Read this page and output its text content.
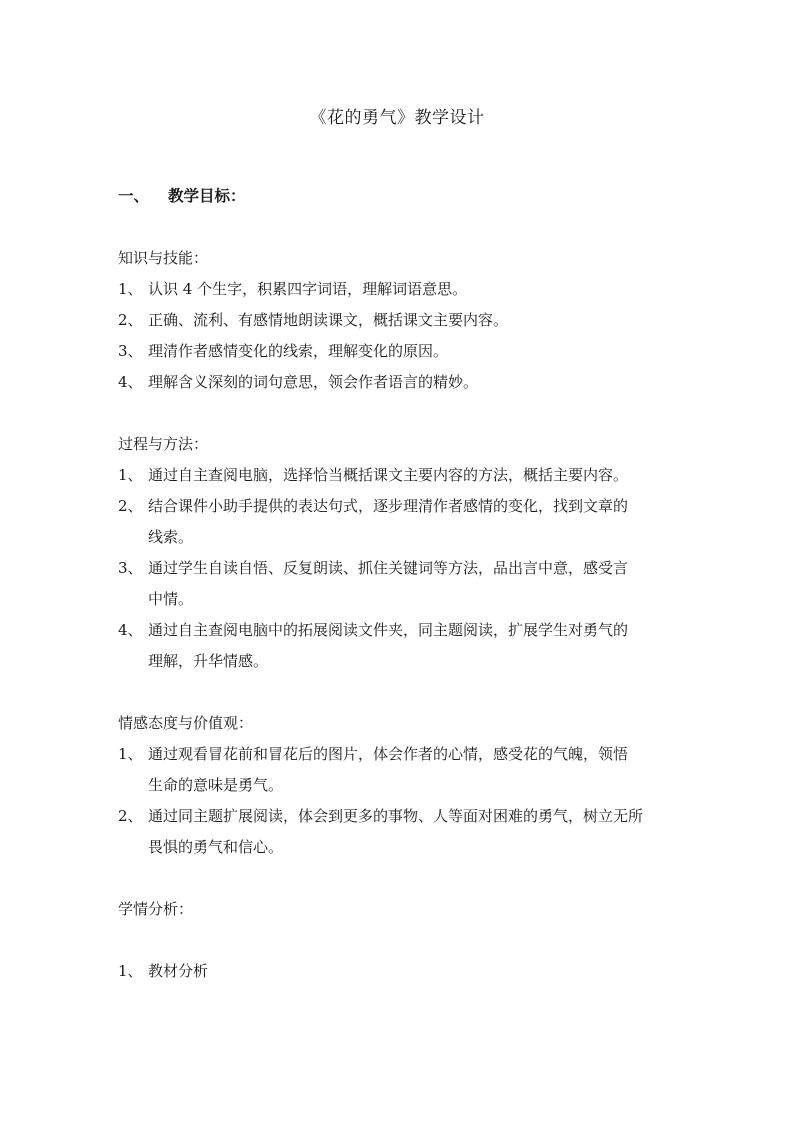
《花的勇气》教学设计
一、 教学目标：
知识与技能：
1、 认识 4 个生字，积累四字词语，理解词语意思。
2、 正确、流利、有感情地朗读课文，概括课文主要内容。
3、 理清作者感情变化的线索，理解变化的原因。
4、 理解含义深刻的词句意思，领会作者语言的精妙。
过程与方法：
1、 通过自主查阅电脑，选择恰当概括课文主要内容的方法，概括主要内容。
2、 结合课件小助手提供的表达句式，逐步理清作者感情的变化，找到文章的
线索。
3、 通过学生自读自悟、反复朗读、抓住关键词等方法，品出言中意，感受言
中情。
4、 通过自主查阅电脑中的拓展阅读文件夹，同主题阅读，扩展学生对勇气的
理解，升华情感。
情感态度与价值观：
1、 通过观看冒花前和冒花后的图片，体会作者的心情，感受花的气魄，领悟
生命的意味是勇气。
2、 通过同主题扩展阅读，体会到更多的事物、人等面对困难的勇气，树立无所
畏惧的勇气和信心。
学情分析：
1、 教材分析
